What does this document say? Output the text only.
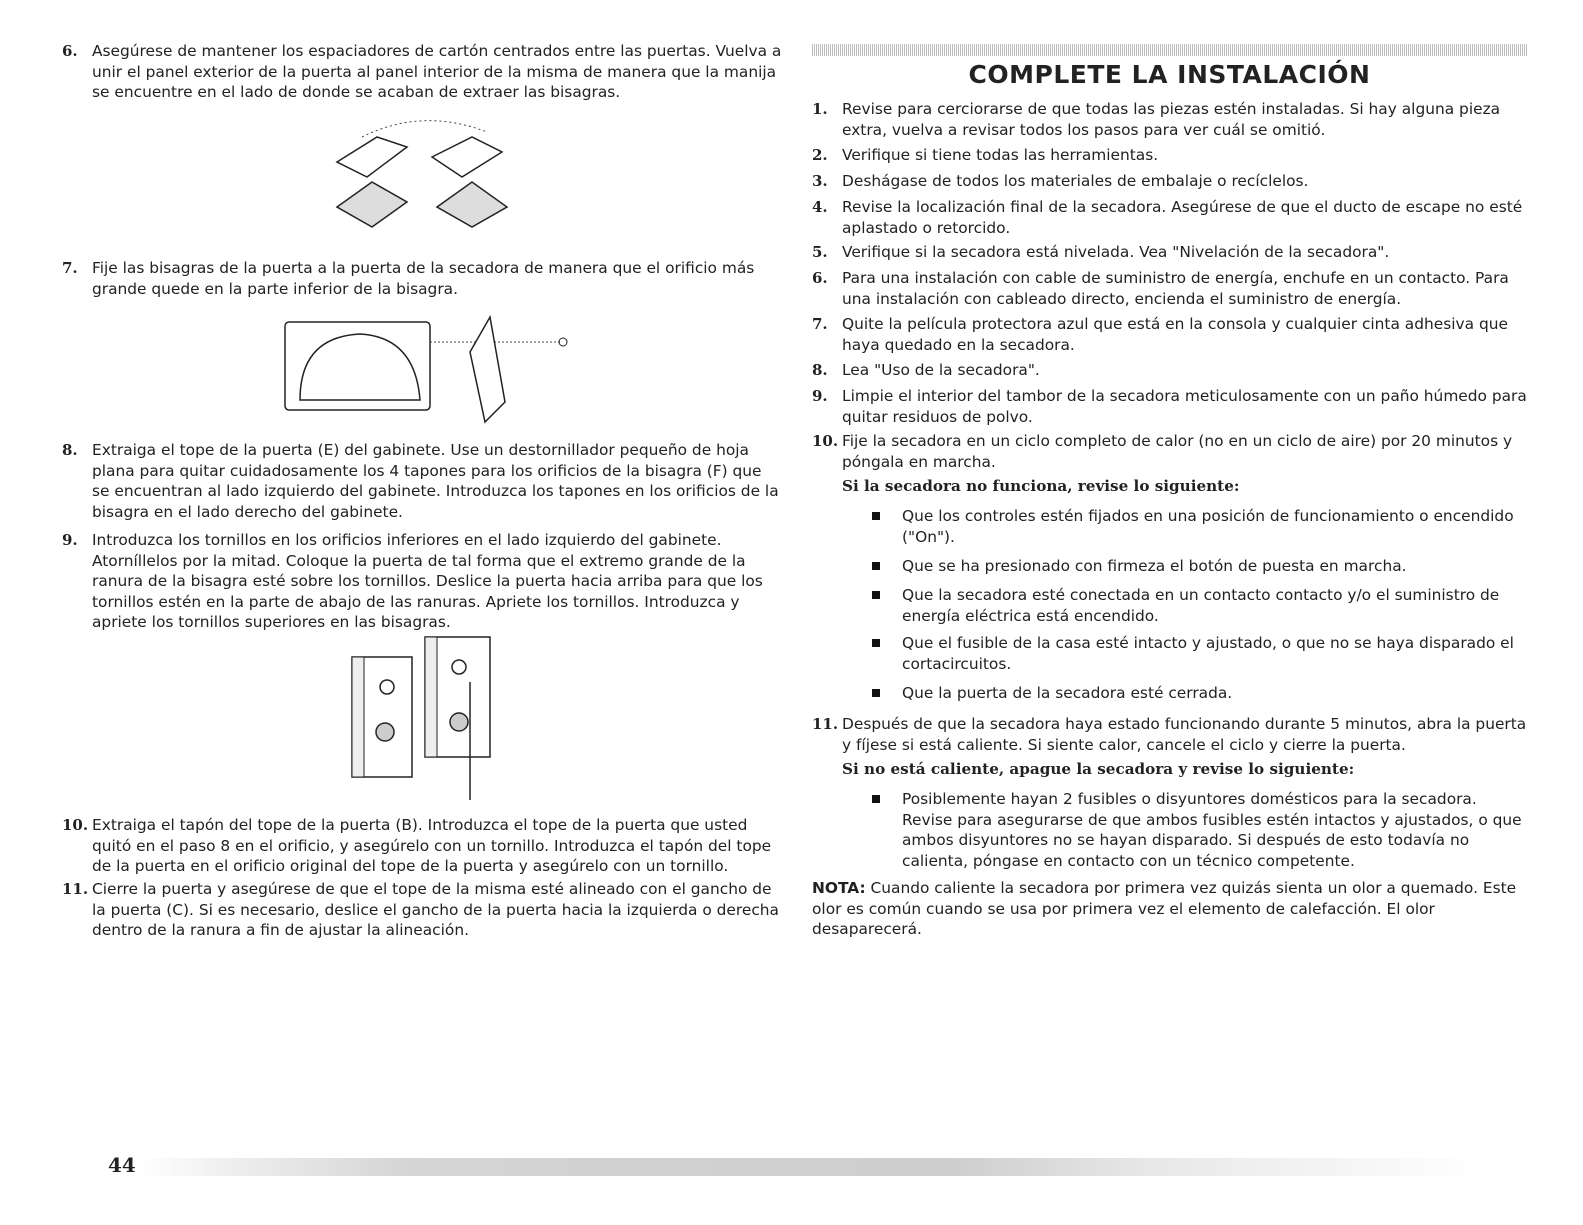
6. Asegúrese de mantener los espaciadores de cartón centrados entre las puertas. Vuelva a unir el panel exterior de la puerta al panel interior de la misma de manera que la manija se encuentre en el lado de donde se acaban de extraer las bisagras.
7. Fije las bisagras de la puerta a la puerta de la secadora de manera que el orificio más grande quede en la parte inferior de la bisagra.
8. Extraiga el tope de la puerta (E) del gabinete. Use un destornillador pequeño de hoja plana para quitar cuidadosamente los 4 tapones para los orificios de la bisagra (F) que se encuentran al lado izquierdo del gabinete. Introduzca los tapones en los orificios de la bisagra en el lado derecho del gabinete.
9. Introduzca los tornillos en los orificios inferiores en el lado izquierdo del gabinete. Atorníllelos por la mitad. Coloque la puerta de tal forma que el extremo grande de la ranura de la bisagra esté sobre los tornillos. Deslice la puerta hacia arriba para que los tornillos estén en la parte de abajo de las ranuras. Apriete los tornillos. Introduzca y apriete los tornillos superiores en las bisagras.
10. Extraiga el tapón del tope de la puerta (B). Introduzca el tope de la puerta que usted quitó en el paso 8 en el orificio, y asegúrelo con un tornillo. Introduzca el tapón del tope de la puerta en el orificio original del tope de la puerta y asegúrelo con un tornillo.
11. Cierre la puerta y asegúrese de que el tope de la misma esté alineado con el gancho de la puerta (C). Si es necesario, deslice el gancho de la puerta hacia la izquierda o derecha dentro de la ranura a fin de ajustar la alineación.
COMPLETE LA INSTALACIÓN
1. Revise para cerciorarse de que todas las piezas estén instaladas. Si hay alguna pieza extra, vuelva a revisar todos los pasos para ver cuál se omitió.
2. Verifique si tiene todas las herramientas.
3. Deshágase de todos los materiales de embalaje o recíclelos.
4. Revise la localización final de la secadora. Asegúrese de que el ducto de escape no esté aplastado o retorcido.
5. Verifique si la secadora está nivelada. Vea "Nivelación de la secadora".
6. Para una instalación con cable de suministro de energía, enchufe en un contacto. Para una instalación con cableado directo, encienda el suministro de energía.
7. Quite la película protectora azul que está en la consola y cualquier cinta adhesiva que haya quedado en la secadora.
8. Lea "Uso de la secadora".
9. Limpie el interior del tambor de la secadora meticulosamente con un paño húmedo para quitar residuos de polvo.
10. Fije la secadora en un ciclo completo de calor (no en un ciclo de aire) por 20 minutos y póngala en marcha.
Si la secadora no funciona, revise lo siguiente:
Que los controles estén fijados en una posición de funcionamiento o encendido ("On").
Que se ha presionado con firmeza el botón de puesta en marcha.
Que la secadora esté conectada en un contacto contacto y/o el suministro de energía eléctrica está encendido.
Que el fusible de la casa esté intacto y ajustado, o que no se haya disparado el cortacircuitos.
Que la puerta de la secadora esté cerrada.
11. Después de que la secadora haya estado funcionando durante 5 minutos, abra la puerta y fíjese si está caliente. Si siente calor, cancele el ciclo y cierre la puerta.
Si no está caliente, apague la secadora y revise lo siguiente:
Posiblemente hayan 2 fusibles o disyuntores domésticos para la secadora. Revise para asegurarse de que ambos fusibles estén intactos y ajustados, o que ambos disyuntores no se hayan disparado. Si después de esto todavía no calienta, póngase en contacto con un técnico competente.
NOTA: Cuando caliente la secadora por primera vez quizás sienta un olor a quemado. Este olor es común cuando se usa por primera vez el elemento de calefacción. El olor desaparecerá.
44
